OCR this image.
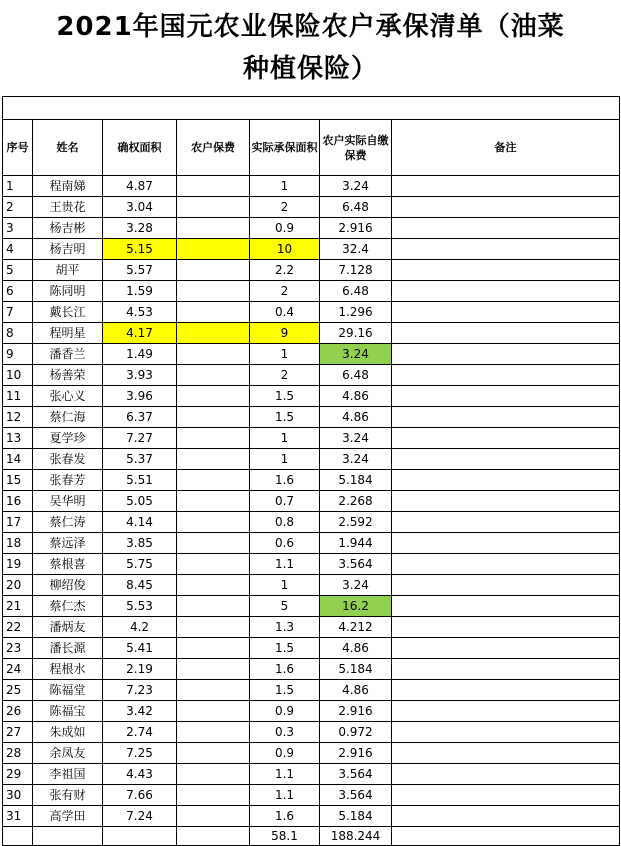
2021年国元农业保险农户承保清单（油菜
种植保险）

序号	姓名	确权面积	农户保费	实际承保面积	农户实际自缴保费	备注
1	程南娣	4.87		1	3.24	
2	王贵花	3.04		2	6.48	
3	杨吉彬	3.28		0.9	2.916	
4	杨吉明	5.15		10	32.4	
5	胡平	5.57		2.2	7.128	
6	陈同明	1.59		2	6.48	
7	戴长江	4.53		0.4	1.296	
8	程明星	4.17		9	29.16	
9	潘香兰	1.49		1	3.24	
10	杨善荣	3.93		2	6.48	
11	张心义	3.96		1.5	4.86	
12	蔡仁海	6.37		1.5	4.86	
13	夏学珍	7.27		1	3.24	
14	张春发	5.37		1	3.24	
15	张春芳	5.51		1.6	5.184	
16	吴华明	5.05		0.7	2.268	
17	蔡仁涛	4.14		0.8	2.592	
18	蔡远泽	3.85		0.6	1.944	
19	蔡根喜	5.75		1.1	3.564	
20	柳绍俊	8.45		1	3.24	
21	蔡仁杰	5.53		5	16.2	
22	潘炳友	4.2		1.3	4.212	
23	潘长源	5.41		1.5	4.86	
24	程根水	2.19		1.6	5.184	
25	陈福堂	7.23		1.5	4.86	
26	陈福宝	3.42		0.9	2.916	
27	朱成如	2.74		0.3	0.972	
28	余凤友	7.25		0.9	2.916	
29	李祖国	4.43		1.1	3.564	
30	张有财	7.66		1.1	3.564	
31	高学田	7.24		1.6	5.184	
				58.1	188.244	
